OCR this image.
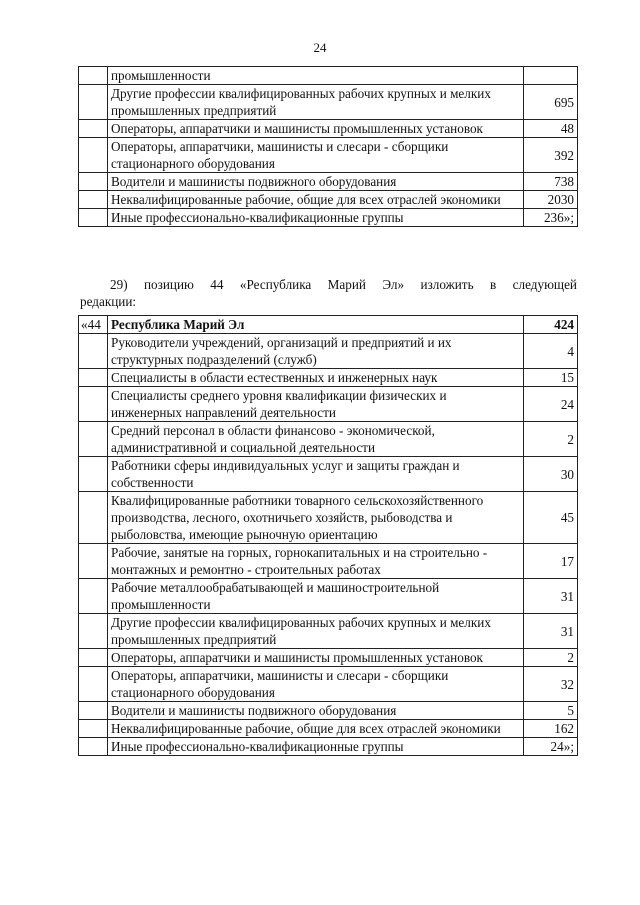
24
	промышленности	
	Другие профессии квалифицированных рабочих крупных и мелких промышленных предприятий	695
	Операторы, аппаратчики и машинисты промышленных установок	48
	Операторы, аппаратчики, машинисты и слесари - сборщики стационарного оборудования	392
	Водители и машинисты подвижного оборудования	738
	Неквалифицированные рабочие, общие для всех отраслей экономики	2030
	Иные профессионально-квалификационные группы	236»;
29) позицию 44 «Республика Марий Эл» изложить в следующей
редакции:
«44	Республика Марий Эл	424
	Руководители учреждений, организаций и предприятий и их структурных подразделений (служб)	4
	Специалисты в области естественных и инженерных наук	15
	Специалисты среднего уровня квалификации физических и инженерных направлений деятельности	24
	Средний персонал в области финансово - экономической, административной и социальной деятельности	2
	Работники сферы индивидуальных услуг и защиты граждан и собственности	30
	Квалифицированные работники товарного сельскохозяйственного производства, лесного, охотничьего хозяйств, рыбоводства и рыболовства, имеющие рыночную ориентацию	45
	Рабочие, занятые на горных, горнокапитальных и на строительно - монтажных и ремонтно - строительных работах	17
	Рабочие металлообрабатывающей и машиностроительной промышленности	31
	Другие профессии квалифицированных рабочих крупных и мелких промышленных предприятий	31
	Операторы, аппаратчики и машинисты промышленных установок	2
	Операторы, аппаратчики, машинисты и слесари - сборщики стационарного оборудования	32
	Водители и машинисты подвижного оборудования	5
	Неквалифицированные рабочие, общие для всех отраслей экономики	162
	Иные профессионально-квалификационные группы	24»;
